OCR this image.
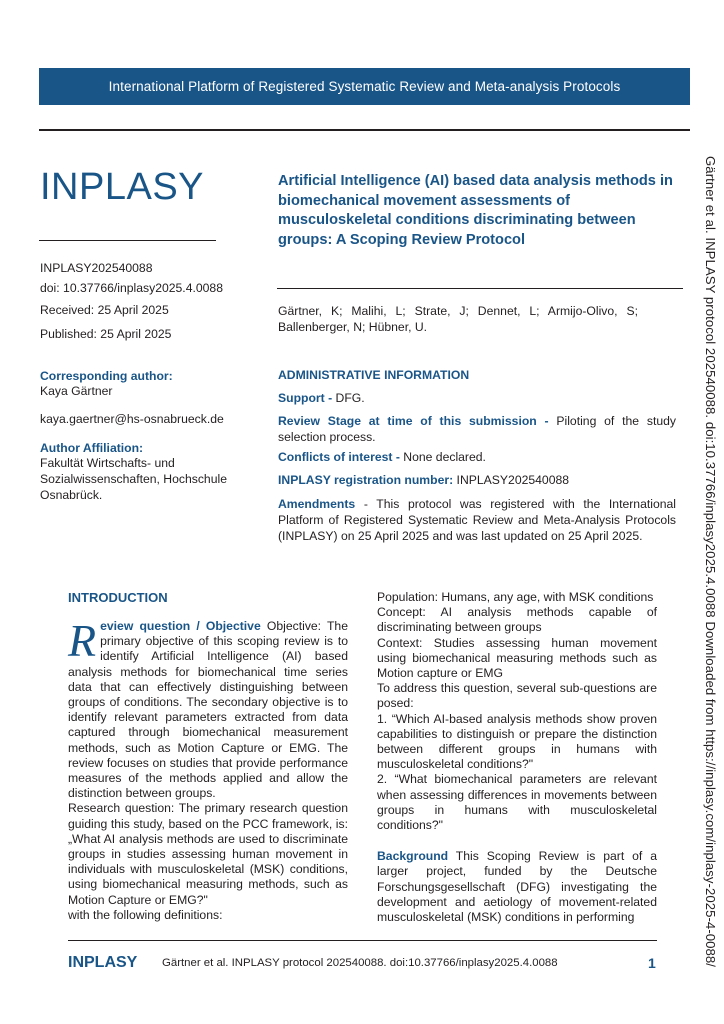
International Platform of Registered Systematic Review and Meta-analysis Protocols
INPLASY
INPLASY202540088
doi: 10.37766/inplasy2025.4.0088
Received: 25 April 2025
Published: 25 April 2025
Corresponding author:
Kaya Gärtner
kaya.gaertner@hs-osnabrueck.de
Author Affiliation:
Fakultät Wirtschafts- und Sozialwissenschaften, Hochschule Osnabrück.
Artificial Intelligence (AI) based data analysis methods in biomechanical movement assessments of musculoskeletal conditions discriminating between groups: A Scoping Review Protocol
Gärtner, K; Malihi, L; Strate, J; Dennet, L; Armijo-Olivo, S; Ballenberger, N; Hübner, U.
ADMINISTRATIVE INFORMATION
Support - DFG.
Review Stage at time of this submission - Piloting of the study selection process.
Conflicts of interest - None declared.
INPLASY registration number: INPLASY202540088
Amendments - This protocol was registered with the International Platform of Registered Systematic Review and Meta-Analysis Protocols (INPLASY) on 25 April 2025 and was last updated on 25 April 2025.
INTRODUCTION

Review question / Objective Objective: The primary objective of this scoping review is to identify Artificial Intelligence (AI) based analysis methods for biomechanical time series data that can effectively distinguishing between groups of conditions. The secondary objective is to identify relevant parameters extracted from data captured through biomechanical measurement methods, such as Motion Capture or EMG. The review focuses on studies that provide performance measures of the methods applied and allow the distinction between groups.

Research question: The primary research question guiding this study, based on the PCC framework, is: „What AI analysis methods are used to discriminate groups in studies assessing human movement in individuals with musculoskeletal (MSK) conditions, using biomechanical measuring methods, such as Motion Capture or EMG?"

with the following definitions:

Population: Humans, any age, with MSK conditions

Concept: AI analysis methods capable of discriminating between groups

Context: Studies assessing human movement using biomechanical measuring methods such as Motion capture or EMG

To address this question, several sub-questions are posed:

1. “Which AI-based analysis methods show proven capabilities to distinguish or prepare the distinction between different groups in humans with musculoskeletal conditions?"

2. “What biomechanical parameters are relevant when assessing differences in movements between groups in humans with musculoskeletal conditions?"

Background This Scoping Review is part of a larger project, funded by the Deutsche Forschungsgesellschaft (DFG) investigating the development and aetiology of movement-related musculoskeletal (MSK) conditions in performing	Gärtner et al. INPLASY protocol 202540088. doi:10.37766/inplasy2025.4.0088 Downloaded from https://inplasy.com/inplasy-2025-4-0088/
INPLASY Gärtner et al. INPLASY protocol 202540088. doi:10.37766/inplasy2025.4.0088	1
